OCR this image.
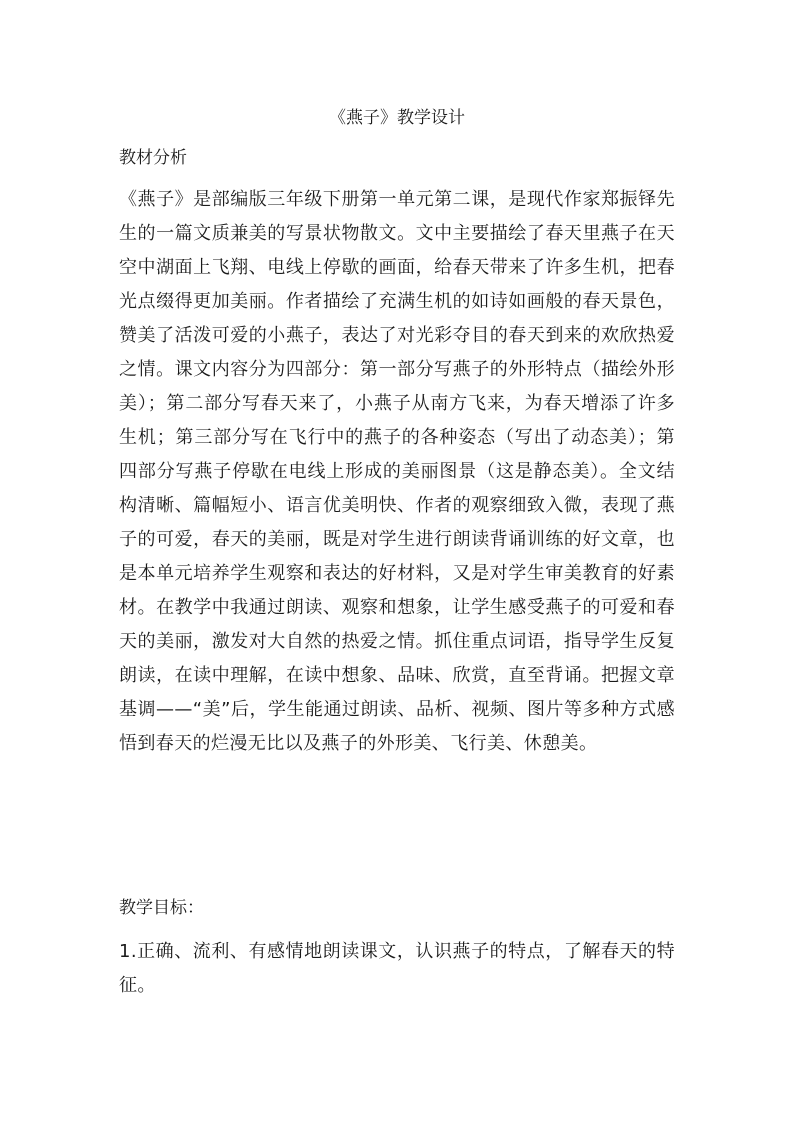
《燕子》教学设计
教材分析

《燕子》是部编版三年级下册第一单元第二课，是现代作家郑振铎先生的一篇文质兼美的写景状物散文。文中主要描绘了春天里燕子在天空中湖面上飞翔、电线上停歇的画面，给春天带来了许多生机，把春光点缀得更加美丽。作者描绘了充满生机的如诗如画般的春天景色，赞美了活泼可爱的小燕子，表达了对光彩夺目的春天到来的欢欣热爱之情。课文内容分为四部分：第一部分写燕子的外形特点（描绘外形美）；第二部分写春天来了，小燕子从南方飞来，为春天增添了许多生机；第三部分写在飞行中的燕子的各种姿态（写出了动态美）；第四部分写燕子停歇在电线上形成的美丽图景（这是静态美）。全文结构清晰、篇幅短小、语言优美明快、作者的观察细致入微，表现了燕子的可爱，春天的美丽，既是对学生进行朗读背诵训练的好文章，也是本单元培养学生观察和表达的好材料，又是对学生审美教育的好素材。在教学中我通过朗读、观察和想象，让学生感受燕子的可爱和春天的美丽，激发对大自然的热爱之情。抓住重点词语，指导学生反复朗读，在读中理解，在读中想象、品味、欣赏，直至背诵。把握文章基调——“美”后，学生能通过朗读、品析、视频、图片等多种方式感悟到春天的烂漫无比以及燕子的外形美、飞行美、休憩美。

教学目标：

1.正确、流利、有感情地朗读课文，认识燕子的特点，了解春天的特征。
